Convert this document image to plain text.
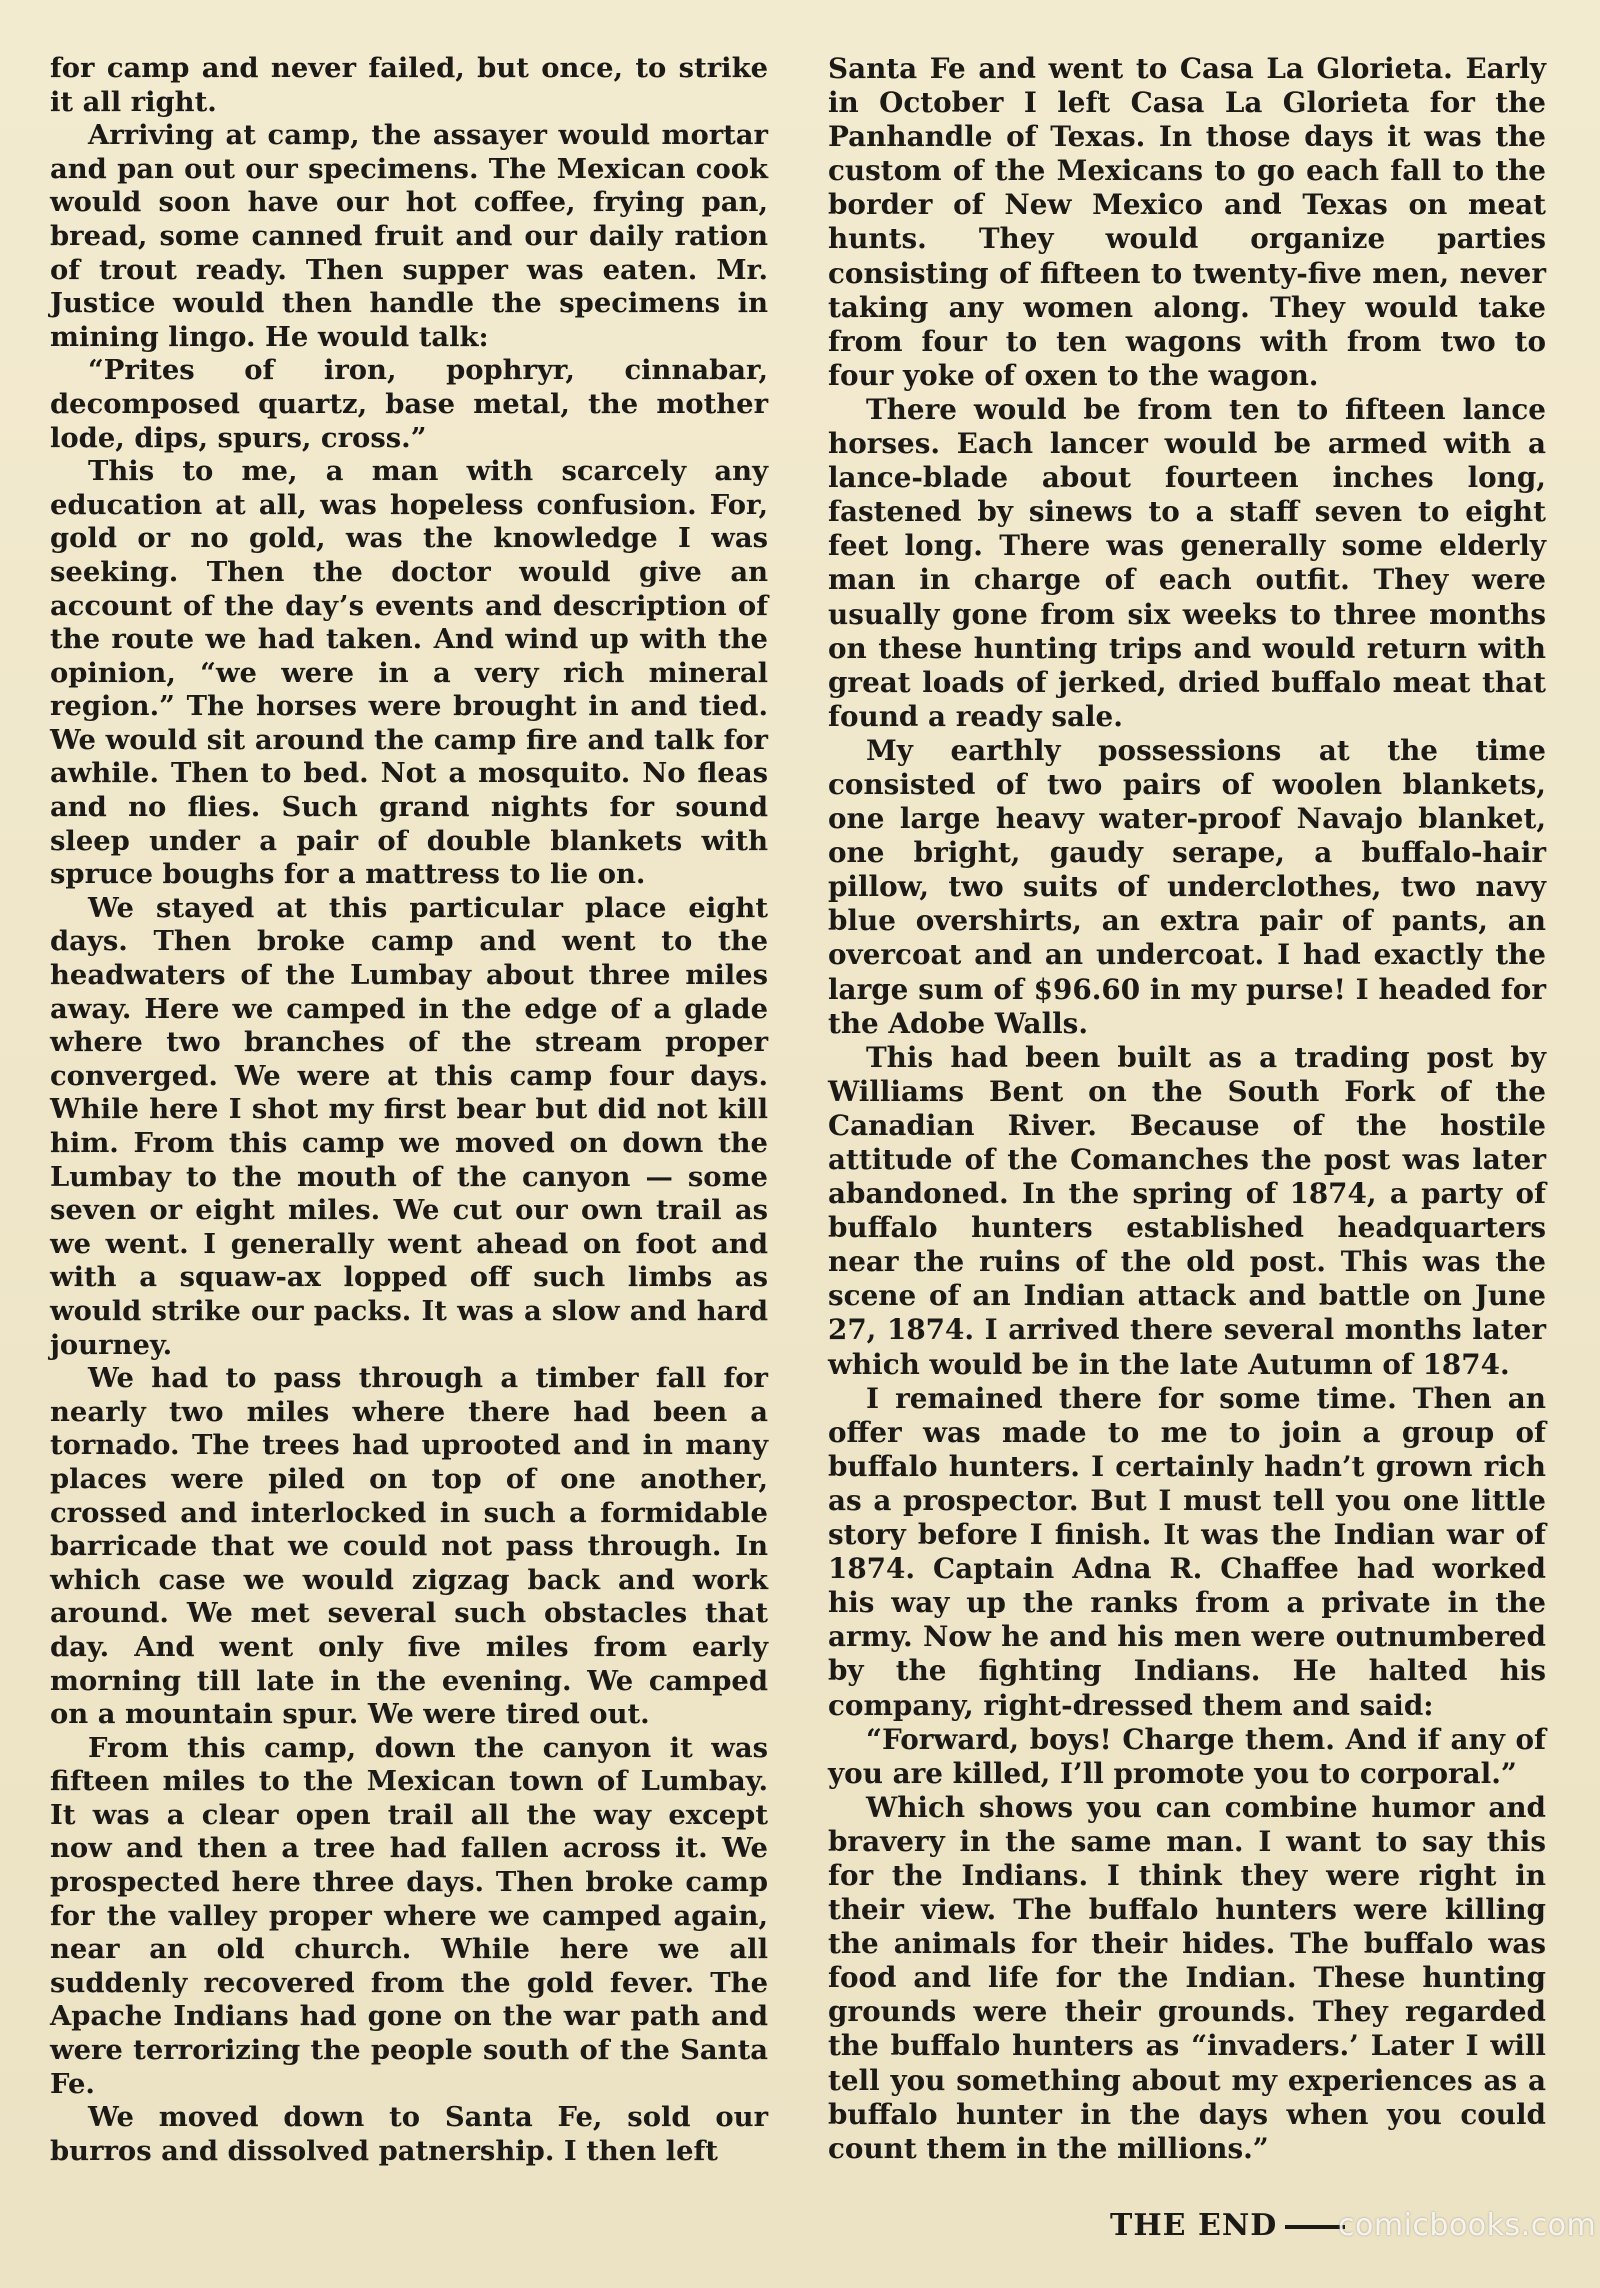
for camp and never failed, but once, to strike it all right.

Arriving at camp, the assayer would mortar and pan out our specimens. The Mexican cook would soon have our hot coffee, frying pan, bread, some canned fruit and our daily ration of trout ready. Then supper was eaten. Mr. Justice would then handle the specimens in mining lingo. He would talk:

“Prites of iron, pophryr, cinnabar, decomposed quartz, base metal, the mother lode, dips, spurs, cross.”

This to me, a man with scarcely any education at all, was hopeless confusion. For, gold or no gold, was the knowledge I was seeking. Then the doctor would give an account of the day’s events and description of the route we had taken. And wind up with the opinion, “we were in a very rich mineral region.” The horses were brought in and tied. We would sit around the camp fire and talk for awhile. Then to bed. Not a mosquito. No fleas and no flies. Such grand nights for sound sleep under a pair of double blankets with spruce boughs for a mattress to lie on.

We stayed at this particular place eight days. Then broke camp and went to the headwaters of the Lumbay about three miles away. Here we camped in the edge of a glade where two branches of the stream proper converged. We were at this camp four days. While here I shot my first bear but did not kill him. From this camp we moved on down the Lumbay to the mouth of the canyon — some seven or eight miles. We cut our own trail as we went. I generally went ahead on foot and with a squaw-ax lopped off such limbs as would strike our packs. It was a slow and hard journey.

We had to pass through a timber fall for nearly two miles where there had been a tornado. The trees had uprooted and in many places were piled on top of one another, crossed and interlocked in such a formidable barricade that we could not pass through. In which case we would zigzag back and work around. We met several such obstacles that day. And went only five miles from early morning till late in the evening. We camped on a mountain spur. We were tired out.

From this camp, down the canyon it was fifteen miles to the Mexican town of Lumbay. It was a clear open trail all the way except now and then a tree had fallen across it. We prospected here three days. Then broke camp for the valley proper where we camped again, near an old church. While here we all suddenly recovered from the gold fever. The Apache Indians had gone on the war path and were terrorizing the people south of the Santa Fe.

We moved down to Santa Fe, sold our burros and dissolved patnership. I then left

Santa Fe and went to Casa La Glorieta. Early in October I left Casa La Glorieta for the Panhandle of Texas. In those days it was the custom of the Mexicans to go each fall to the border of New Mexico and Texas on meat hunts. They would organize parties consisting of fifteen to twenty-five men, never taking any women along. They would take from four to ten wagons with from two to four yoke of oxen to the wagon.

There would be from ten to fifteen lance horses. Each lancer would be armed with a lance-blade about fourteen inches long, fastened by sinews to a staff seven to eight feet long. There was generally some elderly man in charge of each outfit. They were usually gone from six weeks to three months on these hunting trips and would return with great loads of jerked, dried buffalo meat that found a ready sale.

My earthly possessions at the time consisted of two pairs of woolen blankets, one large heavy water-proof Navajo blanket, one bright, gaudy serape, a buffalo-hair pillow, two suits of underclothes, two navy blue overshirts, an extra pair of pants, an overcoat and an undercoat. I had exactly the large sum of $96.60 in my purse! I headed for the Adobe Walls.

This had been built as a trading post by Williams Bent on the South Fork of the Canadian River. Because of the hostile attitude of the Comanches the post was later abandoned. In the spring of 1874, a party of buffalo hunters established headquarters near the ruins of the old post. This was the scene of an Indian attack and battle on June 27, 1874. I arrived there several months later which would be in the late Autumn of 1874.

I remained there for some time. Then an offer was made to me to join a group of buffalo hunters. I certainly hadn’t grown rich as a prospector. But I must tell you one little story before I finish. It was the Indian war of 1874. Captain Adna R. Chaffee had worked his way up the ranks from a private in the army. Now he and his men were outnumbered by the fighting Indians. He halted his company, right-dressed them and said:

“Forward, boys! Charge them. And if any of you are killed, I’ll promote you to corporal.”

Which shows you can combine humor and bravery in the same man. I want to say this for the Indians. I think they were right in their view. The buffalo hunters were killing the animals for their hides. The buffalo was food and life for the Indian. These hunting grounds were their grounds. They regarded the buffalo hunters as “invaders.’ Later I will tell you something about my experiences as a buffalo hunter in the days when you could count them in the millions.”

THE END	comicbooks.com
